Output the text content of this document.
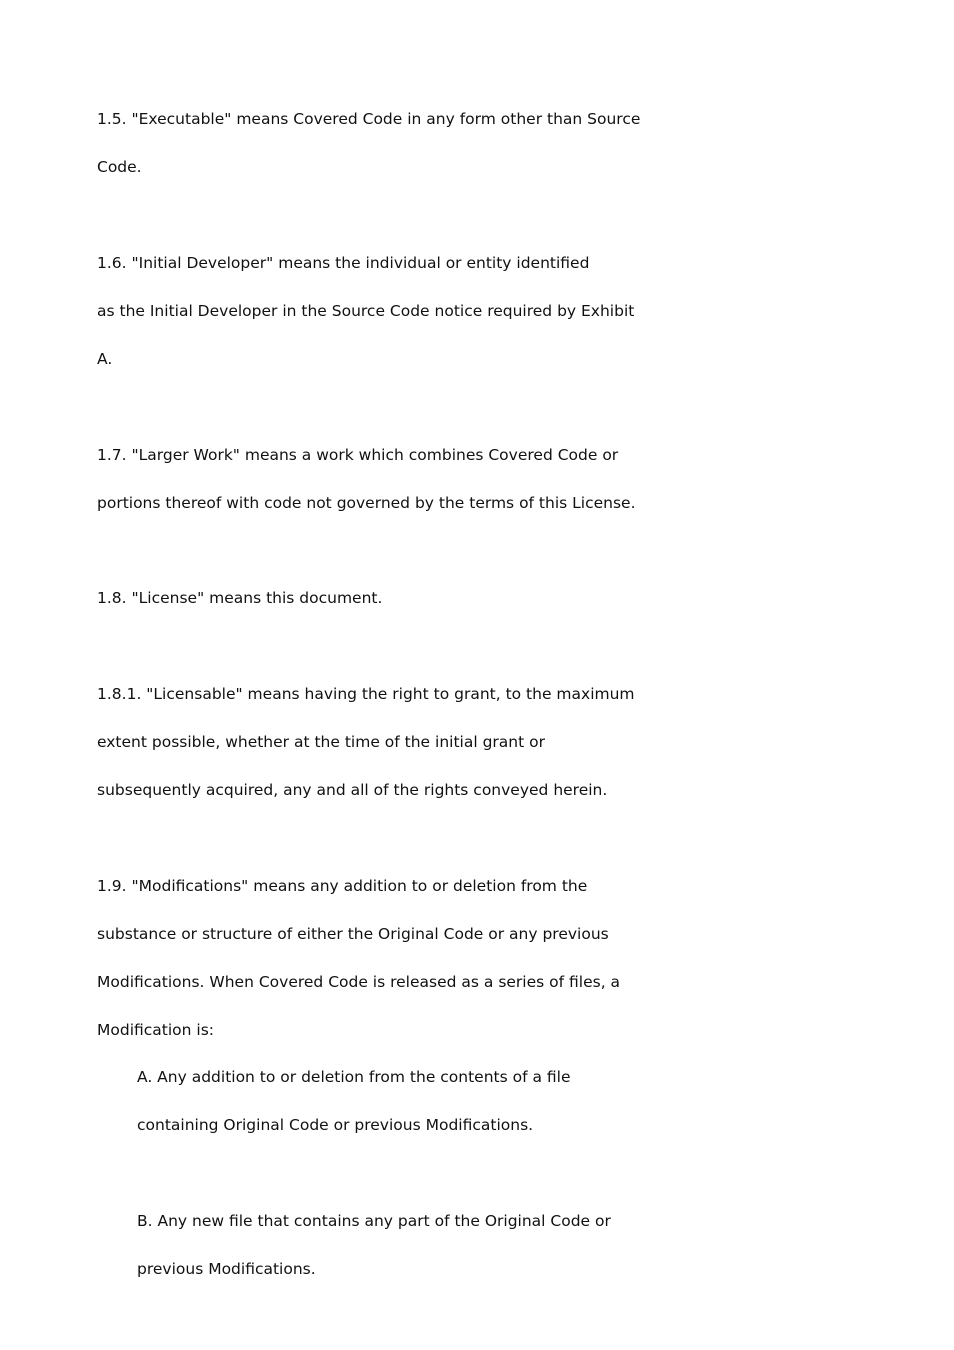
1.5. "Executable" means Covered Code in any form other than Source

Code.

1.6. "Initial Developer" means the individual or entity identified

as the Initial Developer in the Source Code notice required by Exhibit

A.

1.7. "Larger Work" means a work which combines Covered Code or

portions thereof with code not governed by the terms of this License.

1.8. "License" means this document.

1.8.1. "Licensable" means having the right to grant, to the maximum

extent possible, whether at the time of the initial grant or

subsequently acquired, any and all of the rights conveyed herein.

1.9. "Modifications" means any addition to or deletion from the

substance or structure of either the Original Code or any previous

Modifications. When Covered Code is released as a series of files, a

Modification is:

A. Any addition to or deletion from the contents of a file

containing Original Code or previous Modifications.

B. Any new file that contains any part of the Original Code or

previous Modifications.
